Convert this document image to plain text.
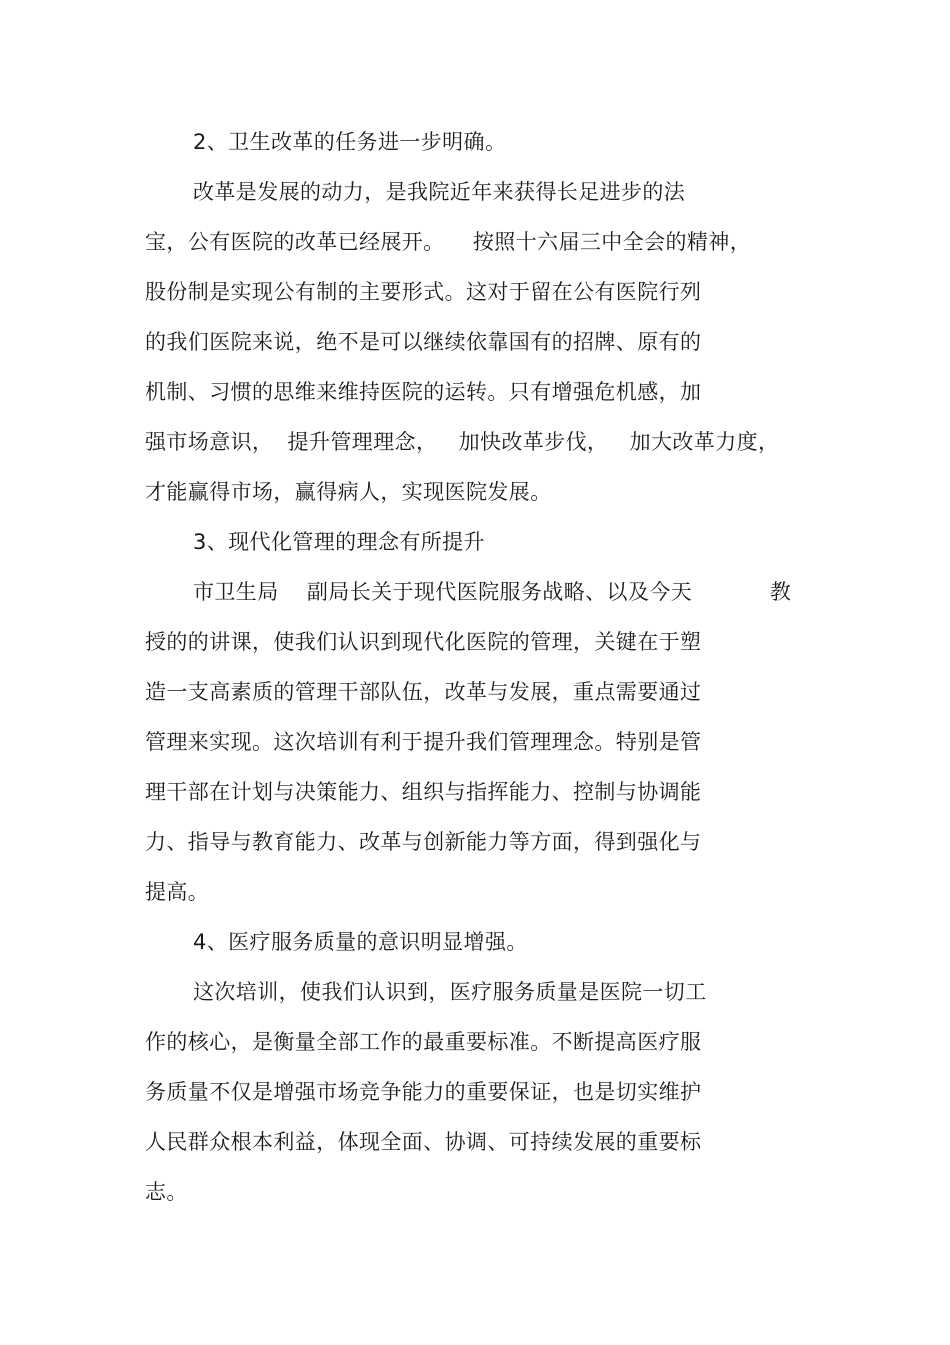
2、卫生改革的任务进一步明确。
改革是发展的动力，是我院近年来获得长足进步的法
宝，公有医院的改革已经展开。    按照十六届三中全会的精神，
股份制是实现公有制的主要形式。这对于留在公有医院行列
的我们医院来说，绝不是可以继续依靠国有的招牌、原有的
机制、习惯的思维来维持医院的运转。只有增强危机感，加
强市场意识，  提升管理理念，   加快改革步伐，   加大改革力度，
才能赢得市场，赢得病人，实现医院发展。
3、现代化管理的理念有所提升
市卫生局    副局长关于现代医院服务战略、以及今天           教
授的的讲课，使我们认识到现代化医院的管理，关键在于塑
造一支高素质的管理干部队伍，改革与发展，重点需要通过
管理来实现。这次培训有利于提升我们管理理念。特别是管
理干部在计划与决策能力、组织与指挥能力、控制与协调能
力、指导与教育能力、改革与创新能力等方面，得到强化与
提高。
4、医疗服务质量的意识明显增强。
这次培训，使我们认识到，医疗服务质量是医院一切工
作的核心，是衡量全部工作的最重要标准。不断提高医疗服
务质量不仅是增强市场竞争能力的重要保证，也是切实维护
人民群众根本利益，体现全面、协调、可持续发展的重要标
志。
